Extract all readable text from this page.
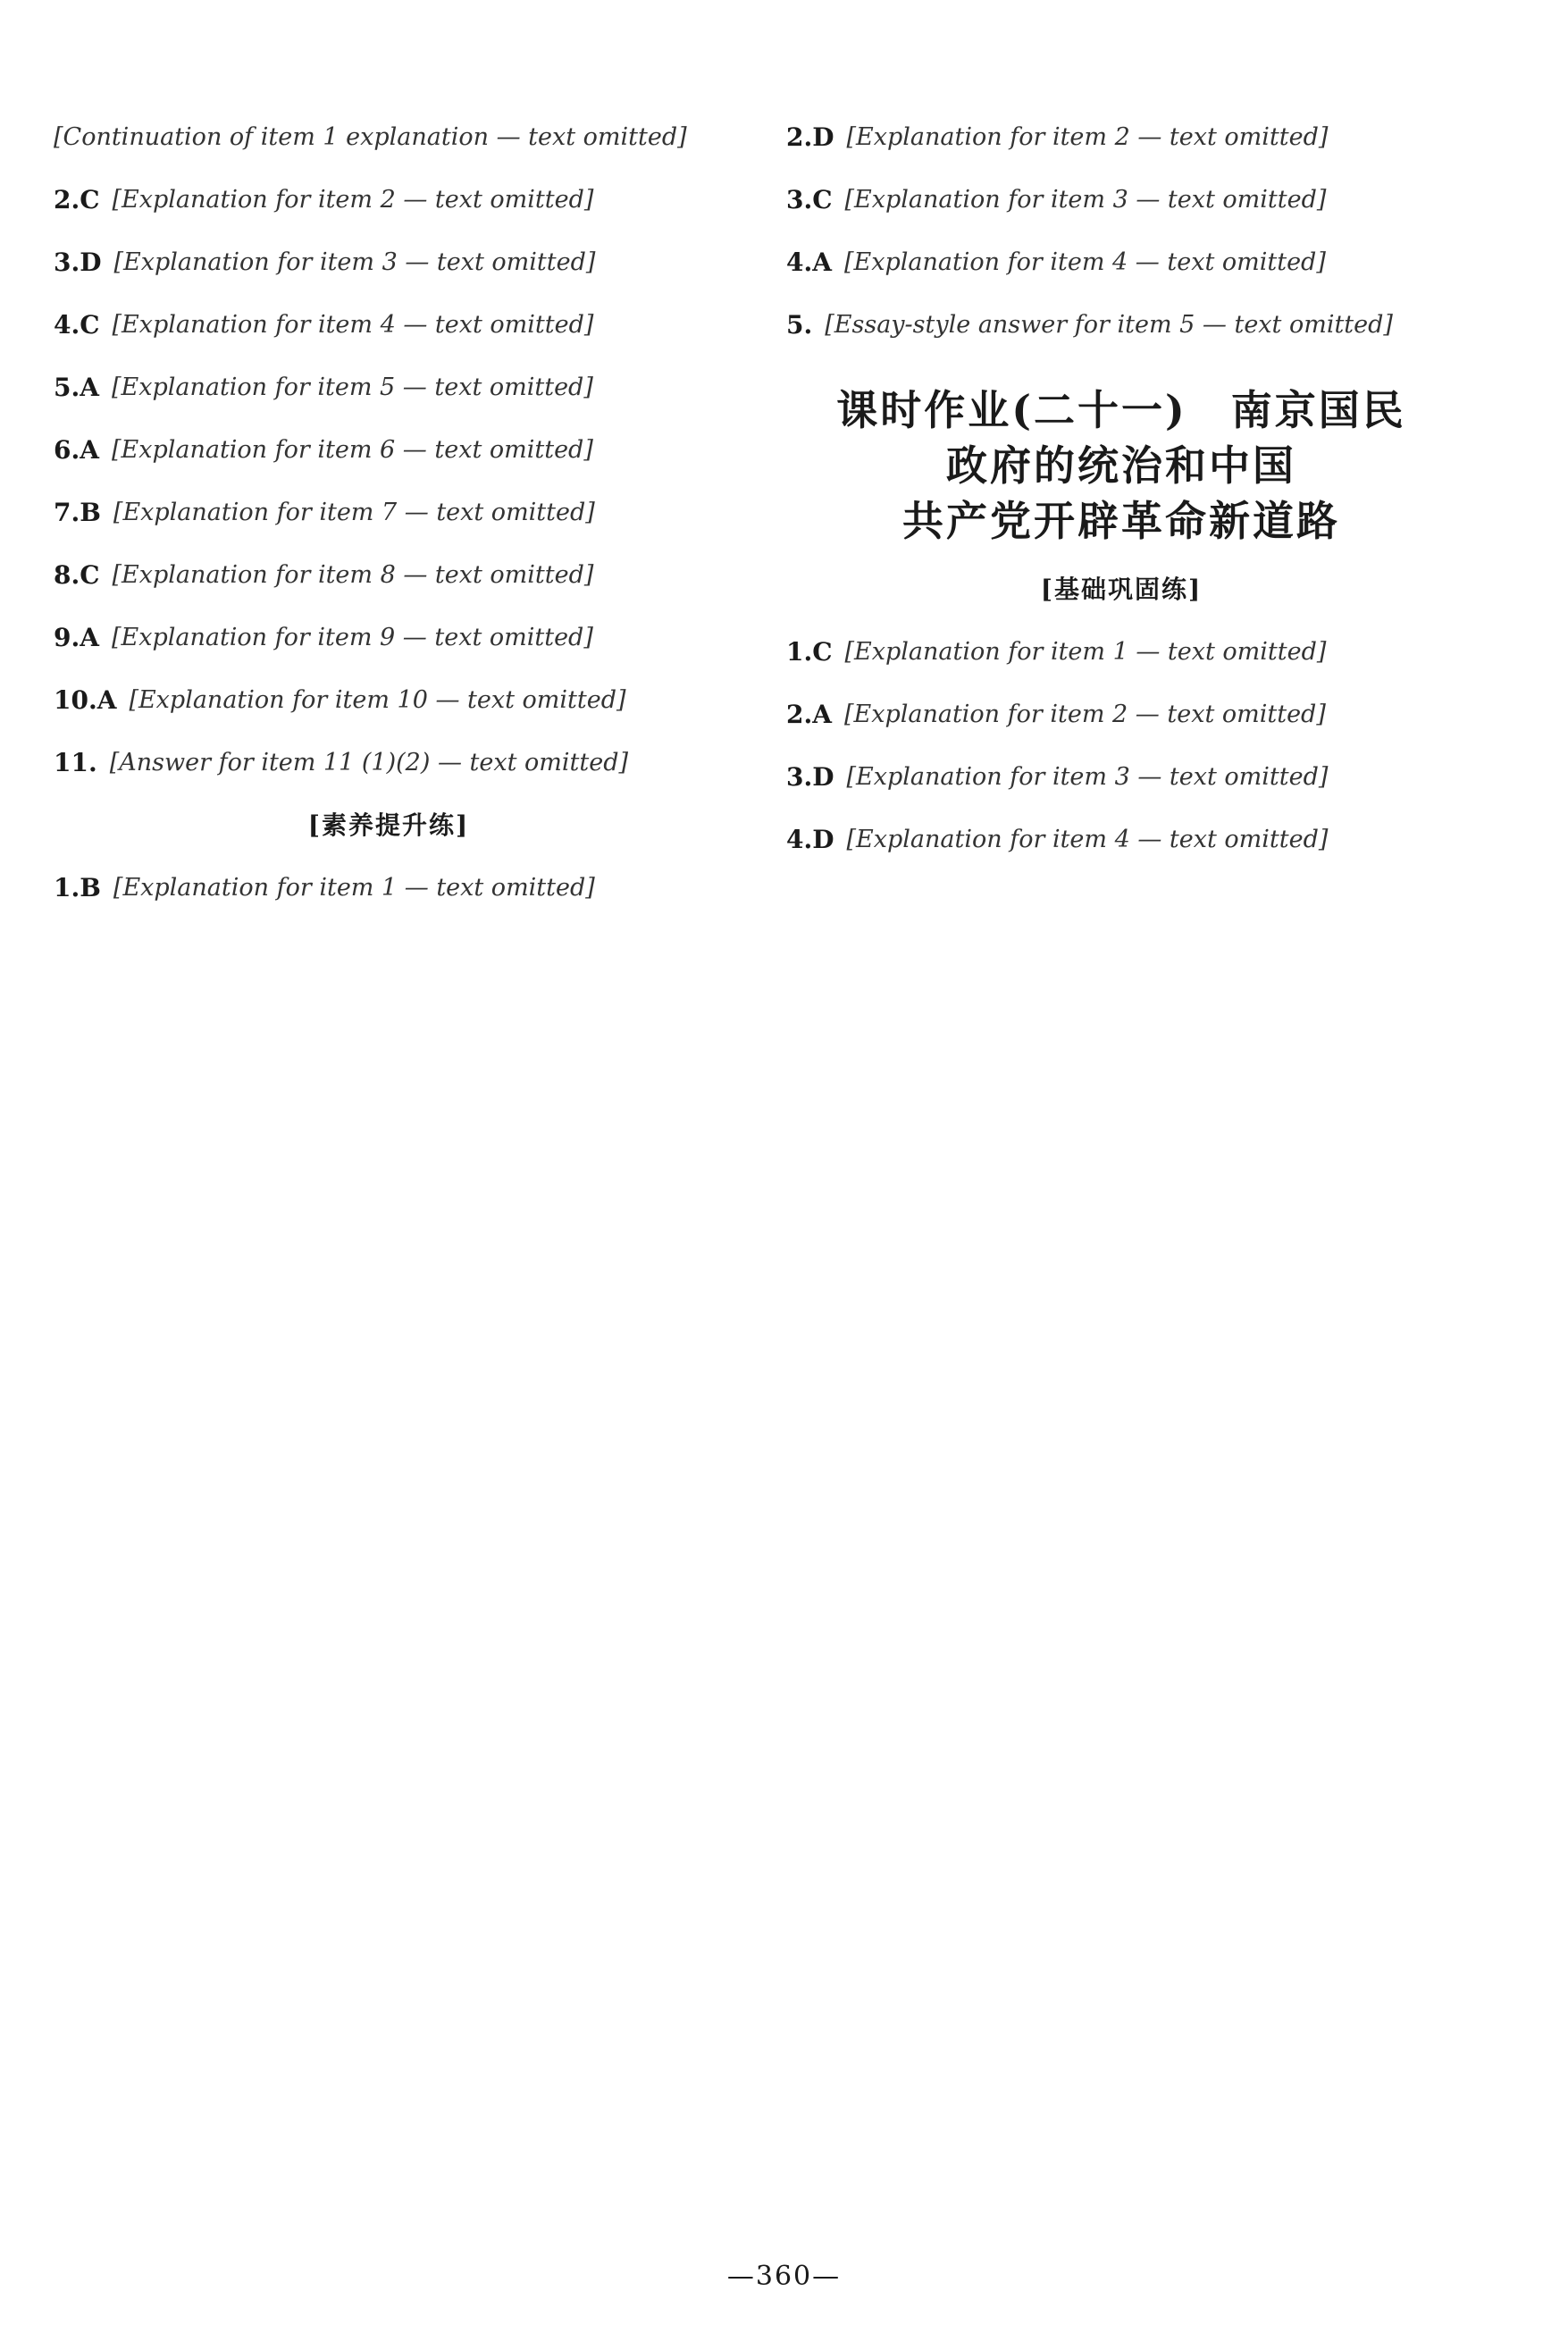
[Continuation of item 1 explanation — text omitted]
2.C [Explanation for item 2 — text omitted]
3.D [Explanation for item 3 — text omitted]
4.C [Explanation for item 4 — text omitted]
5.A [Explanation for item 5 — text omitted]
6.A [Explanation for item 6 — text omitted]
7.B [Explanation for item 7 — text omitted]
8.C [Explanation for item 8 — text omitted]
9.A [Explanation for item 9 — text omitted]
10.A [Explanation for item 10 — text omitted]
11. [Answer for item 11 (1)(2) — text omitted]
[素养提升练]
1.B [Explanation for item 1 — text omitted]
2.D [Explanation for item 2 — text omitted]
3.C [Explanation for item 3 — text omitted]
4.A [Explanation for item 4 — text omitted]
5. [Essay-style answer for item 5 — text omitted]
课时作业(二十一)　南京国民
政府的统治和中国
共产党开辟革命新道路
[基础巩固练]
1.C [Explanation for item 1 — text omitted]
2.A [Explanation for item 2 — text omitted]
3.D [Explanation for item 3 — text omitted]
4.D [Explanation for item 4 — text omitted]
—360—
